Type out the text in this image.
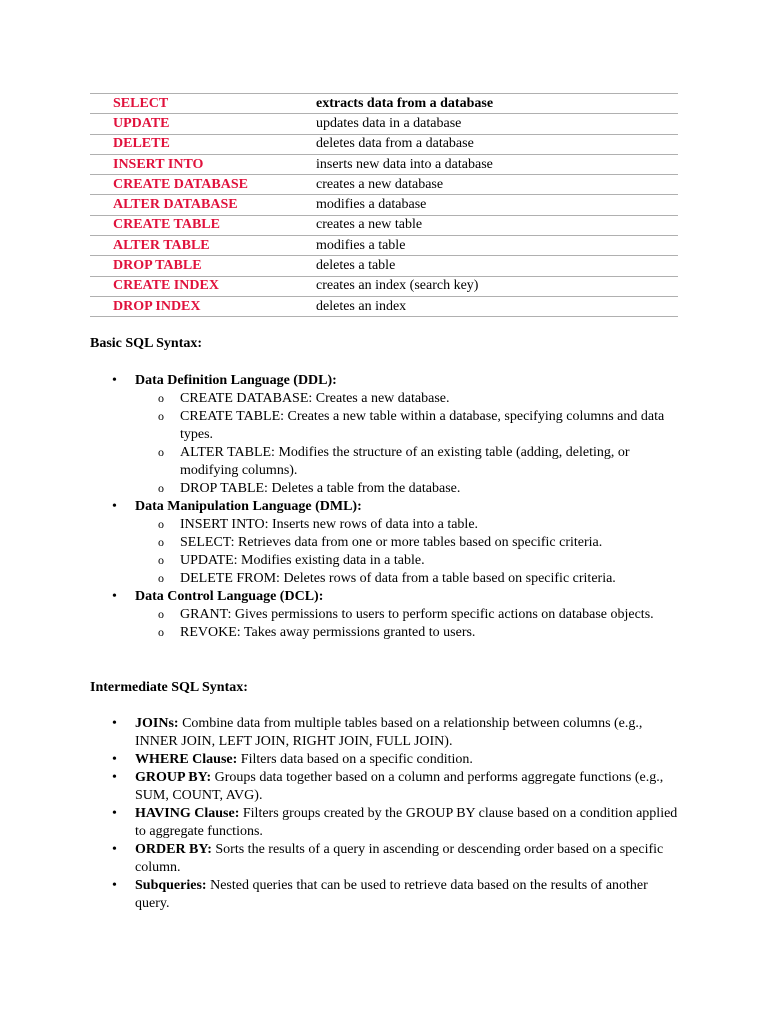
SELECT	extracts data from a database
UPDATE	updates data in a database
DELETE	deletes data from a database
INSERT INTO	inserts new data into a database
CREATE DATABASE	creates a new database
ALTER DATABASE	modifies a database
CREATE TABLE	creates a new table
ALTER TABLE	modifies a table
DROP TABLE	deletes a table
CREATE INDEX	creates an index (search key)
DROP INDEX	deletes an index
Basic SQL Syntax:
•	Data Definition Language (DDL):
o CREATE DATABASE: Creates a new database.
o CREATE TABLE: Creates a new table within a database, specifying columns and data types.
o ALTER TABLE: Modifies the structure of an existing table (adding, deleting, or modifying columns).
o DROP TABLE: Deletes a table from the database.
•	Data Manipulation Language (DML):
o INSERT INTO: Inserts new rows of data into a table.
o SELECT: Retrieves data from one or more tables based on specific criteria.
o UPDATE: Modifies existing data in a table.
o DELETE FROM: Deletes rows of data from a table based on specific criteria.
•	Data Control Language (DCL):
o GRANT: Gives permissions to users to perform specific actions on database objects.
o REVOKE: Takes away permissions granted to users.
Intermediate SQL Syntax:
•	JOINs: Combine data from multiple tables based on a relationship between columns (e.g., INNER JOIN, LEFT JOIN, RIGHT JOIN, FULL JOIN).
•	WHERE Clause: Filters data based on a specific condition.
•	GROUP BY: Groups data together based on a column and performs aggregate functions (e.g., SUM, COUNT, AVG).
•	HAVING Clause: Filters groups created by the GROUP BY clause based on a condition applied to aggregate functions.
•	ORDER BY: Sorts the results of a query in ascending or descending order based on a specific column.
•	Subqueries: Nested queries that can be used to retrieve data based on the results of another query.
